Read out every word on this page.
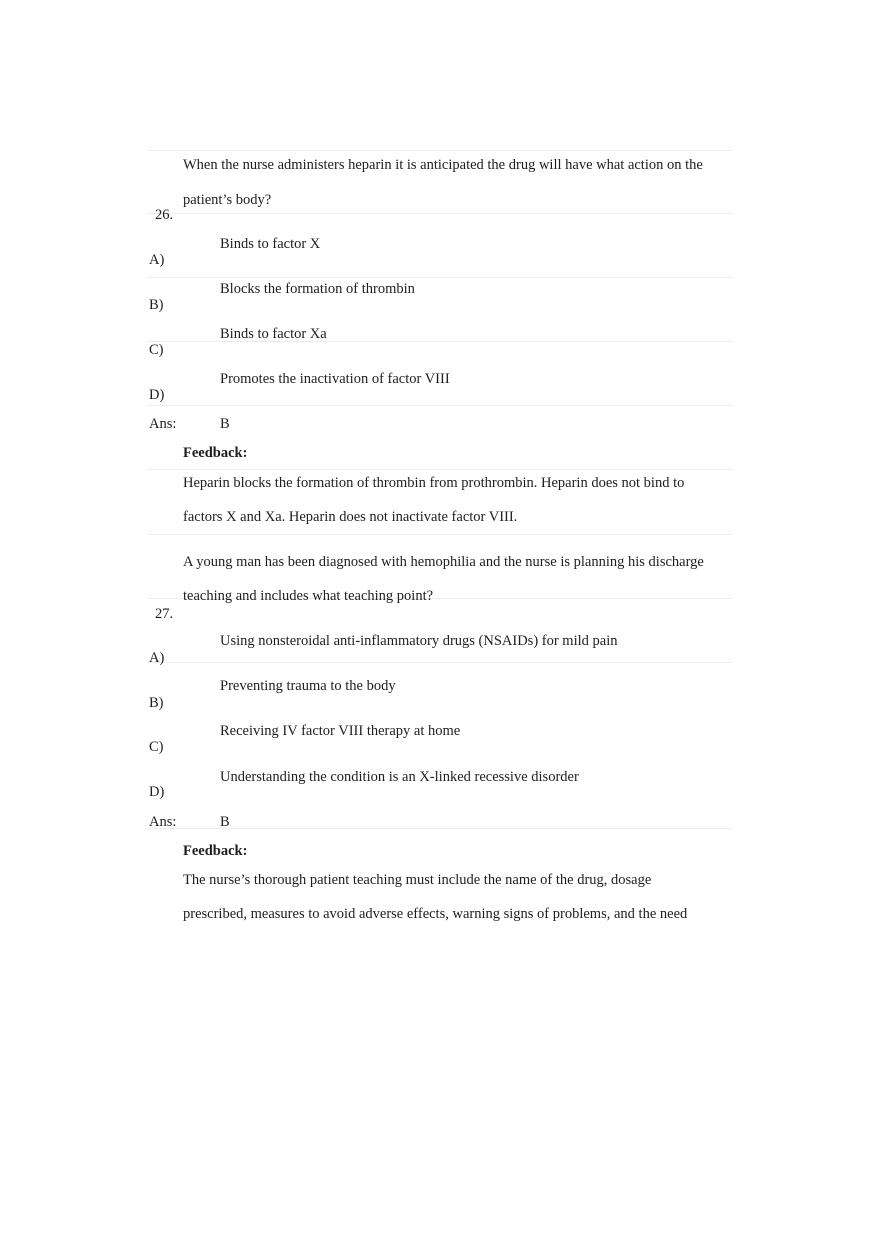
When the nurse administers heparin it is anticipated the drug will have what action on the
patient’s body?
26.
Binds to factor X
A)
Blocks the formation of thrombin
B)
Binds to factor Xa
C)
Promotes the inactivation of factor VIII
D)
Ans:	B
Feedback:
Heparin blocks the formation of thrombin from prothrombin. Heparin does not bind to
factors X and Xa. Heparin does not inactivate factor VIII.
A young man has been diagnosed with hemophilia and the nurse is planning his discharge
teaching and includes what teaching point?
27.
Using nonsteroidal anti-inflammatory drugs (NSAIDs) for mild pain
A)
Preventing trauma to the body
B)
Receiving IV factor VIII therapy at home
C)
Understanding the condition is an X-linked recessive disorder
D)
Ans:	B
Feedback:
The nurse’s thorough patient teaching must include the name of the drug, dosage
prescribed, measures to avoid adverse effects, warning signs of problems, and the need
